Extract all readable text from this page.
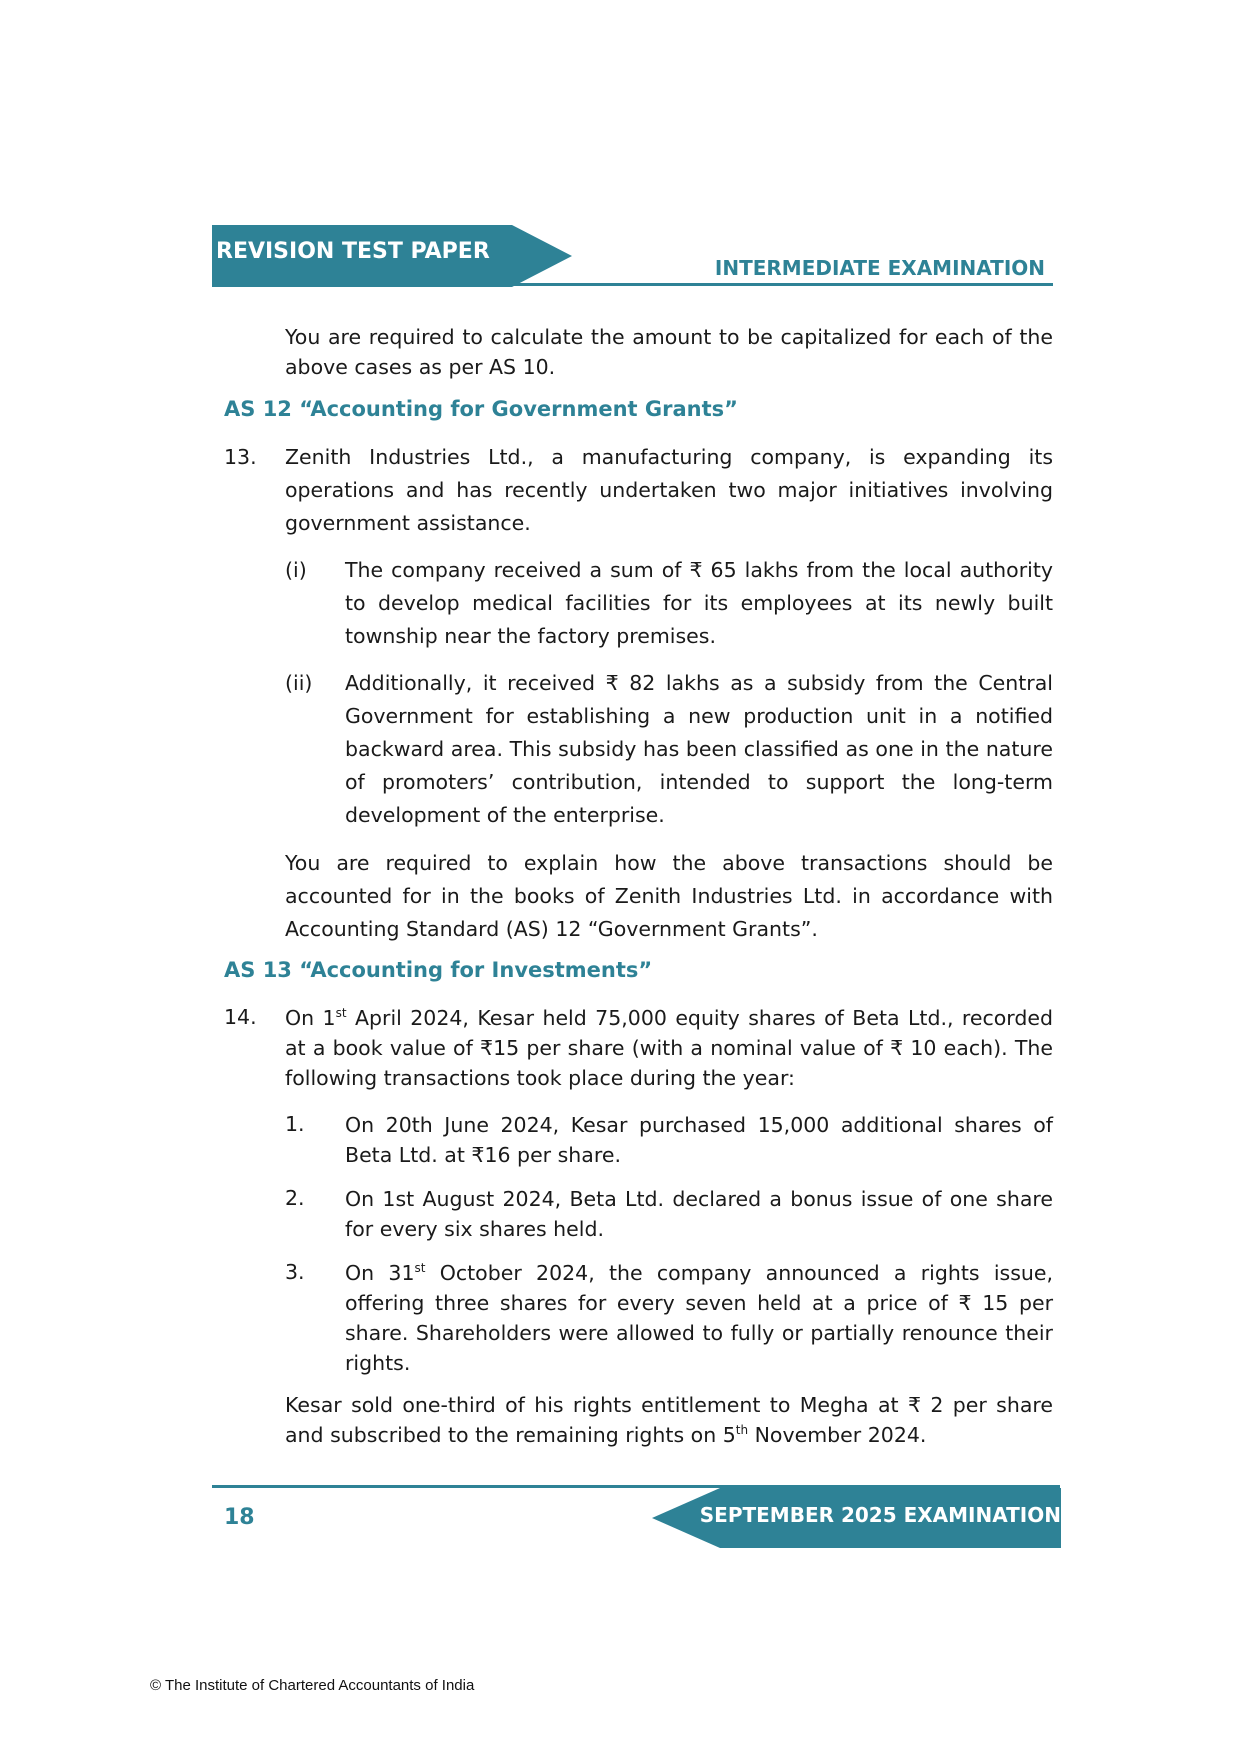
REVISION TEST PAPER
INTERMEDIATE EXAMINATION
You are required to calculate the amount to be capitalized for each of the above cases as per AS 10.
AS 12 “Accounting for Government Grants”
13. Zenith Industries Ltd., a manufacturing company, is expanding its operations and has recently undertaken two major initiatives involving government assistance.
(i) The company received a sum of ₹ 65 lakhs from the local authority to develop medical facilities for its employees at its newly built township near the factory premises.
(ii) Additionally, it received ₹ 82 lakhs as a subsidy from the Central Government for establishing a new production unit in a notified backward area. This subsidy has been classified as one in the nature of promoters’ contribution, intended to support the long-term development of the enterprise.
You are required to explain how the above transactions should be accounted for in the books of Zenith Industries Ltd. in accordance with Accounting Standard (AS) 12 “Government Grants”.
AS 13 “Accounting for Investments”
14. On 1st April 2024, Kesar held 75,000 equity shares of Beta Ltd., recorded at a book value of ₹15 per share (with a nominal value of ₹ 10 each). The following transactions took place during the year:
1. On 20th June 2024, Kesar purchased 15,000 additional shares of Beta Ltd. at ₹16 per share.
2. On 1st August 2024, Beta Ltd. declared a bonus issue of one share for every six shares held.
3. On 31st October 2024, the company announced a rights issue, offering three shares for every seven held at a price of ₹ 15 per share. Shareholders were allowed to fully or partially renounce their rights.
Kesar sold one-third of his rights entitlement to Megha at ₹ 2 per share and subscribed to the remaining rights on 5th November 2024.
18	SEPTEMBER 2025 EXAMINATION
© The Institute of Chartered Accountants of India
